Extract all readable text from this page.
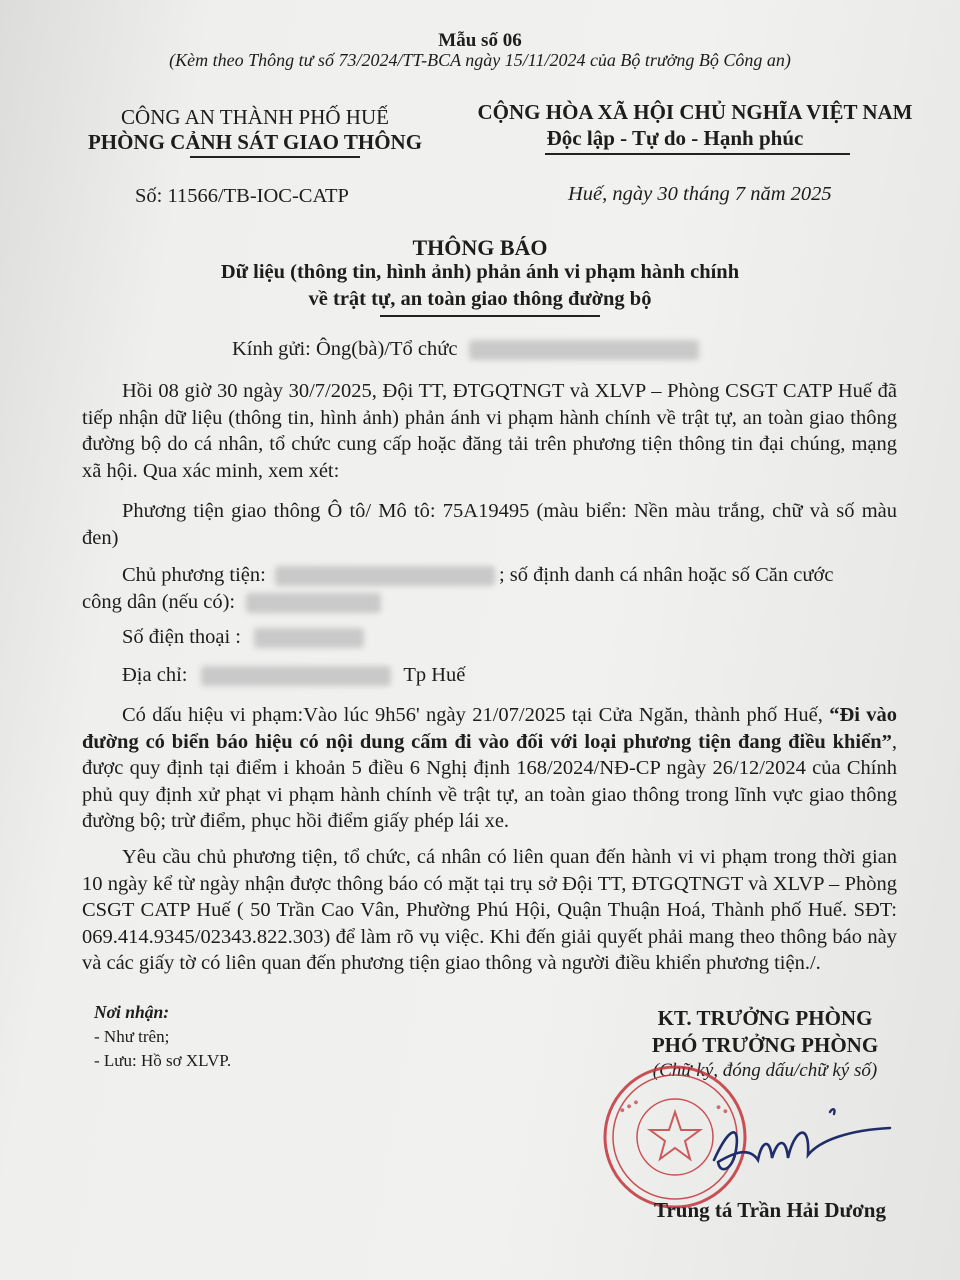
Mẫu số 06
(Kèm theo Thông tư số 73/2024/TT-BCA ngày 15/11/2024 của Bộ trưởng Bộ Công an)
CÔNG AN THÀNH PHỐ HUẾ
PHÒNG CẢNH SÁT GIAO THÔNG
CỘNG HÒA XÃ HỘI CHỦ NGHĨA VIỆT NAM
Độc lập - Tự do - Hạnh phúc
Số: 11566/TB-IOC-CATP	Huế, ngày 30 tháng 7 năm 2025
THÔNG BÁO
Dữ liệu (thông tin, hình ảnh) phản ánh vi phạm hành chính
về trật tự, an toàn giao thông đường bộ
Kính gửi: Ông(bà)/Tổ chức
Hồi 08 giờ 30 ngày 30/7/2025, Đội TT, ĐTGQTNGT và XLVP – Phòng CSGT CATP Huế đã tiếp nhận dữ liệu (thông tin, hình ảnh) phản ánh vi phạm hành chính về trật tự, an toàn giao thông đường bộ do cá nhân, tổ chức cung cấp hoặc đăng tải trên phương tiện thông tin đại chúng, mạng xã hội. Qua xác minh, xem xét:
Phương tiện giao thông Ô tô/ Mô tô: 75A19495 (màu biển: Nền màu trắng, chữ và số màu đen)
Chủ phương tiện:	; số định danh cá nhân hoặc số Căn cước
công dân (nếu có):
Số điện thoại :
Địa chỉ:	Tp Huế
Có dấu hiệu vi phạm:Vào lúc 9h56' ngày 21/07/2025 tại Cửa Ngăn, thành phố Huế, “Đi vào đường có biển báo hiệu có nội dung cấm đi vào đối với loại phương tiện đang điều khiển”, được quy định tại điểm i khoản 5 điều 6 Nghị định 168/2024/NĐ-CP ngày 26/12/2024 của Chính phủ quy định xử phạt vi phạm hành chính về trật tự, an toàn giao thông trong lĩnh vực giao thông đường bộ; trừ điểm, phục hồi điểm giấy phép lái xe.
Yêu cầu chủ phương tiện, tổ chức, cá nhân có liên quan đến hành vi vi phạm trong thời gian 10 ngày kể từ ngày nhận được thông báo có mặt tại trụ sở Đội TT, ĐTGQTNGT và XLVP – Phòng CSGT CATP Huế ( 50 Trần Cao Vân, Phường Phú Hội, Quận Thuận Hoá, Thành phố Huế. SĐT: 069.414.9345/02343.822.303) để làm rõ vụ việc. Khi đến giải quyết phải mang theo thông báo này và các giấy tờ có liên quan đến phương tiện giao thông và người điều khiển phương tiện./.
Nơi nhận:
- Như trên;
- Lưu: Hồ sơ XLVP.
KT. TRƯỞNG PHÒNG
PHÓ TRƯỞNG PHÒNG
(Chữ ký, đóng dấu/chữ ký số)
● ● ●	● ●
Trung tá Trần Hải Dương
